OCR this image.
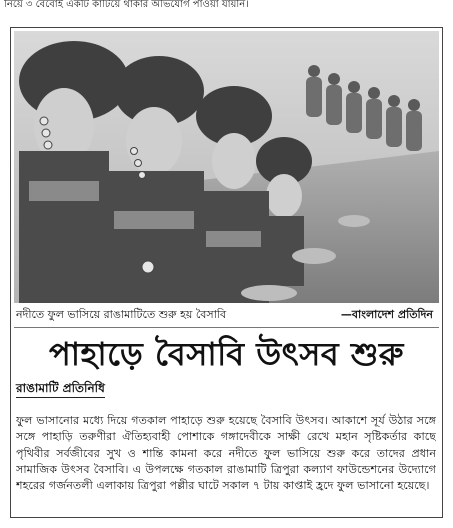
নিয়ে ৩ বেবোই একটি কাটিয়ে থাকার অভিযোগ পাওয়া যায়নি।
নদীতে ফুল ভাসিয়ে রাঙামাটিতে শুরু হয় বৈসাবি	—বাংলাদেশ প্রতিদিন
পাহাড়ে বৈসাবি উৎসব শুরু
রাঙামাটি প্রতিনিধি
ফুল ভাসানোর মধ্যে দিয়ে গতকাল পাহাড়ে শুরু হয়েছে বৈসাবি উৎসব। আকাশে সূর্য উঠার সঙ্গে সঙ্গে পাহাড়ি তরুণীরা ঐতিহ্যবাহী পোশাকে গঙ্গাদেবীকে সাক্ষী রেখে মহান সৃষ্টিকর্তার কাছে পৃথিবীর সর্বজীবের সুখ ও শান্তি কামনা করে নদীতে ফুল ভাসিয়ে শুরু করে তাদের প্রধান সামাজিক উৎসব বৈসাবি। এ উপলক্ষে গতকাল রাঙামাটি ত্রিপুরা কল্যাণ ফাউন্ডেশনের উদ্যোগে শহরের গর্জনতলী এলাকায় ত্রিপুরা পল্লীর ঘাটে সকাল ৭ টায় কাপ্তাই হ্রদে ফুল ভাসানো হয়েছে।
